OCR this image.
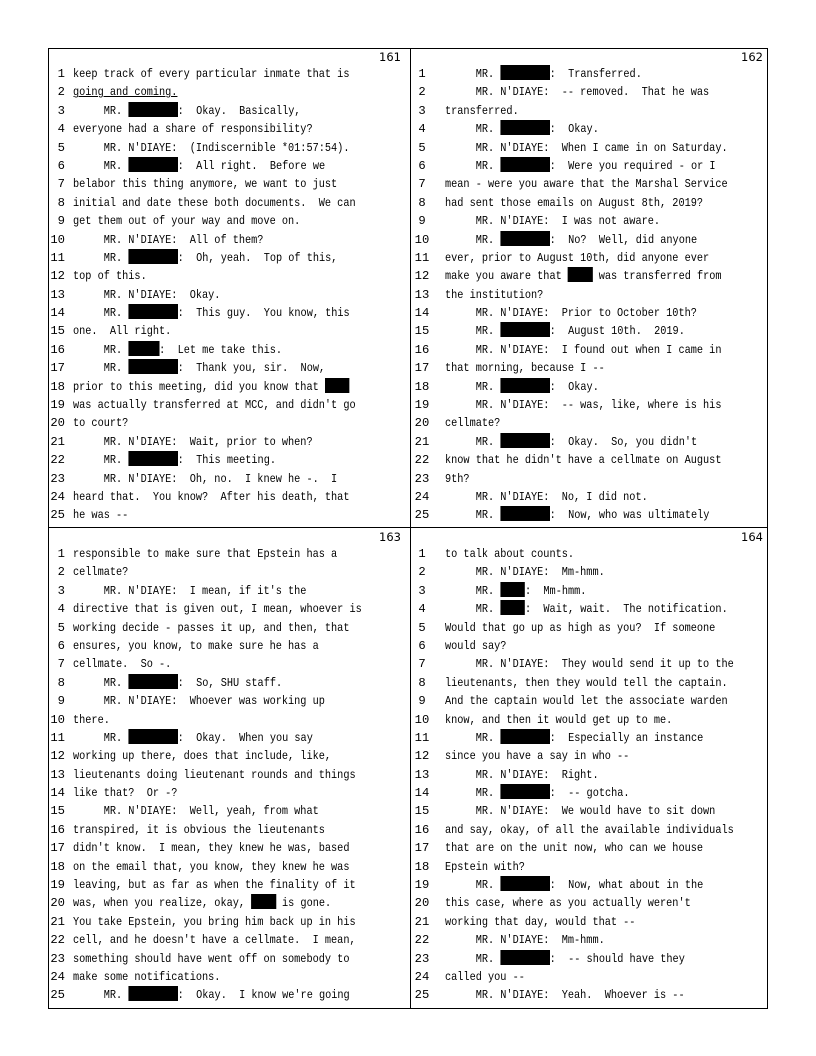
161
1 keep track of every particular inmate that is
2 going and coming.
3 MR.	:  Okay.  Basically,
4 everyone had a share of responsibility?
5 MR. N'DIAYE:  (Indiscernible *01:57:54).
6 MR.	:  All right.  Before we
7 belabor this thing anymore, we want to just
8 initial and date these both documents.  We can
9 get them out of your way and move on.
10 MR. N'DIAYE:  All of them?
11 MR.	:  Oh, yeah.  Top of this,
12 top of this.
13 MR. N'DIAYE:  Okay.
14 MR.	:  This guy.  You know, this
15 one.  All right.
16 MR.	:  Let me take this.
17 MR.	:  Thank you, sir.  Now,
18 prior to this meeting, did you know that
19 was actually transferred at MCC, and didn't go
20 to court?
21 MR. N'DIAYE:  Wait, prior to when?
22 MR.	:  This meeting.
23 MR. N'DIAYE:  Oh, no.  I knew he -.  I
24 heard that.  You know?  After his death, that
25 he was --
162
1	MR.	:  Transferred.
2	MR. N'DIAYE:  -- removed.  That he was
3	transferred.
4	MR.	:  Okay.
5	MR. N'DIAYE:  When I came in on Saturday.
6	MR.	:  Were you required - or I
7	mean - were you aware that the Marshal Service
8	had sent those emails on August 8th, 2019?
9	MR. N'DIAYE:  I was not aware.
10 MR.	:  No?  Well, did anyone
11 ever, prior to August 10th, did anyone ever
12 make you aware that  was transferred from
13 the institution?
14 MR. N'DIAYE:  Prior to October 10th?
15 MR.	:  August 10th.  2019.
16 MR. N'DIAYE:  I found out when I came in
17 that morning, because I --
18 MR.	:  Okay.
19 MR. N'DIAYE:  -- was, like, where is his
20 cellmate?
21 MR.	:  Okay.  So, you didn't
22 know that he didn't have a cellmate on August
23 9th?
24 MR. N'DIAYE:  No, I did not.
25 MR.	:  Now, who was ultimately
163
1 responsible to make sure that Epstein has a
2 cellmate?
3 MR. N'DIAYE:  I mean, if it's the
4 directive that is given out, I mean, whoever is
5 working decide - passes it up, and then, that
6 ensures, you know, to make sure he has a
7 cellmate.  So -.
8 MR.	:  So, SHU staff.
9 MR. N'DIAYE:  Whoever was working up
10 there.
11 MR.	:  Okay.  When you say
12 working up there, does that include, like,
13 lieutenants doing lieutenant rounds and things
14 like that?  Or -?
15 MR. N'DIAYE:  Well, yeah, from what
16 transpired, it is obvious the lieutenants
17 didn't know.  I mean, they knew he was, based
18 on the email that, you know, they knew he was
19 leaving, but as far as when the finality of it
20 was, when you realize, okay,  is gone.
21 You take Epstein, you bring him back up in his
22 cell, and he doesn't have a cellmate.  I mean,
23 something should have went off on somebody to
24 make some notifications.
25 MR.	:  Okay.  I know we're going
164
1	to talk about counts.
2	MR. N'DIAYE:  Mm-hmm.
3	MR. :  Mm-hmm.
4	MR. :  Wait, wait.  The notification.
5	Would that go up as high as you?  If someone
6	would say?
7	MR. N'DIAYE:  They would send it up to the
8	lieutenants, then they would tell the captain.
9	And the captain would let the associate warden
10 know, and then it would get up to me.
11 MR.	:  Especially an instance
12 since you have a say in who --
13 MR. N'DIAYE:  Right.
14 MR.	:  -- gotcha.
15 MR. N'DIAYE:  We would have to sit down
16 and say, okay, of all the available individuals
17 that are on the unit now, who can we house
18 Epstein with?
19 MR.	:  Now, what about in the
20 this case, where as you actually weren't
21 working that day, would that --
22 MR. N'DIAYE:  Mm-hmm.
23 MR.	:  -- should have they
24 called you --
25 MR. N'DIAYE:  Yeah.  Whoever is --
